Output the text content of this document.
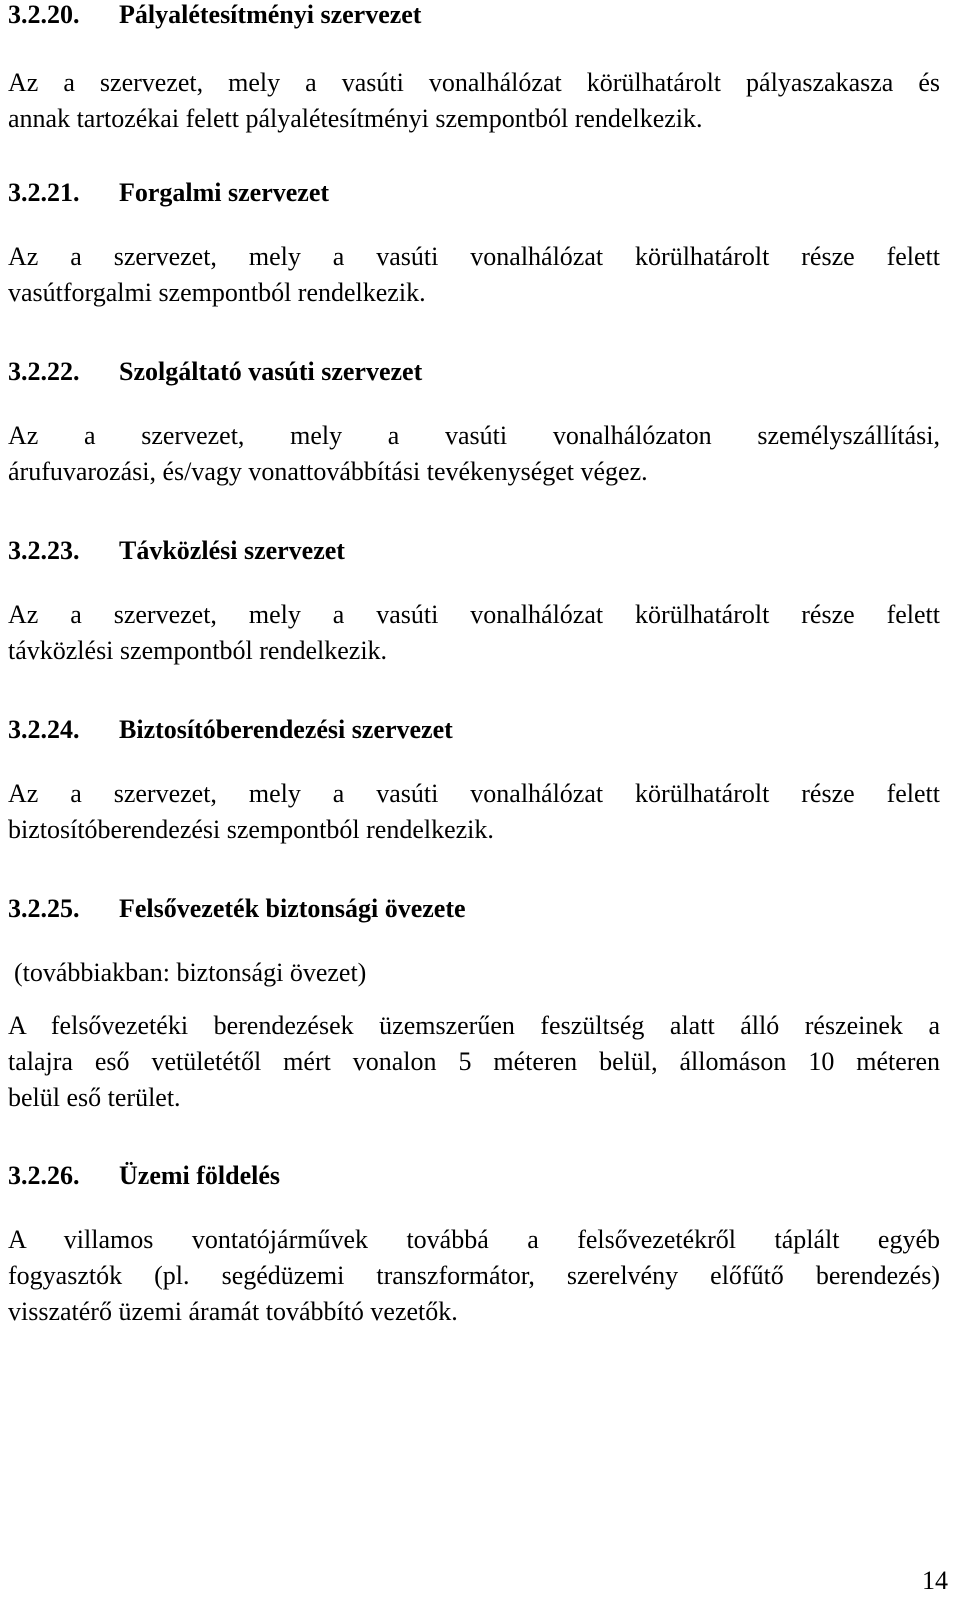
3.2.20. Pályalétesítményi szervezet
Az a szervezet, mely a vasúti vonalhálózat körülhatárolt pályaszakasza és
annak tartozékai felett pályalétesítményi szempontból rendelkezik.
3.2.21. Forgalmi szervezet
Az a szervezet, mely a vasúti vonalhálózat körülhatárolt része felett
vasútforgalmi szempontból rendelkezik.
3.2.22. Szolgáltató vasúti szervezet
Az a szervezet, mely a vasúti vonalhálózaton személyszállítási,
árufuvarozási, és/vagy vonattovábbítási tevékenységet végez.
3.2.23. Távközlési szervezet
Az a szervezet, mely a vasúti vonalhálózat körülhatárolt része felett
távközlési szempontból rendelkezik.
3.2.24. Biztosítóberendezési szervezet
Az a szervezet, mely a vasúti vonalhálózat körülhatárolt része felett
biztosítóberendezési szempontból rendelkezik.
3.2.25. Felsővezeték biztonsági övezete
(továbbiakban: biztonsági övezet)
A felsővezetéki berendezések üzemszerűen feszültség alatt álló részeinek a
talajra eső vetületétől mért vonalon 5 méteren belül, állomáson 10 méteren
belül eső terület.
3.2.26. Üzemi földelés
A villamos vontatójárművek továbbá a felsővezetékről táplált egyéb
fogyasztók (pl. segédüzemi transzformátor, szerelvény előfűtő berendezés)
visszatérő üzemi áramát továbbító vezetők.
14
